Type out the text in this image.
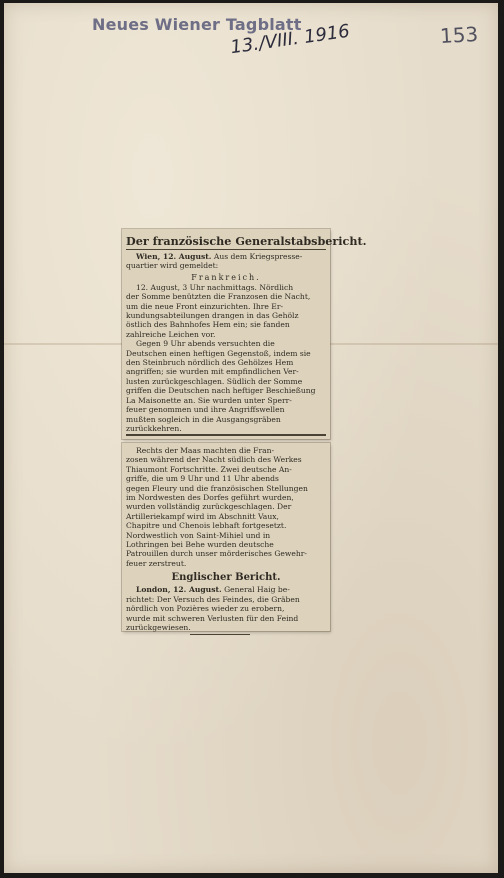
Neues Wiener Tagblatt
13./VIII. 1916	153
Der französische Generalstabsbericht.

Wien, 12. August. Aus dem Kriegspresse-
quartier wird gemeldet:

Frankreich.

12. August, 3 Uhr nachmittags. Nördlich
der Somme benützten die Franzosen die Nacht,
um die neue Front einzurichten. Ihre Er-
kundungsabteilungen drangen in das Gehölz
östlich des Bahnhofes Hem ein; sie fanden
zahlreiche Leichen vor.

Gegen 9 Uhr abends versuchten die
Deutschen einen heftigen Gegenstoß, indem sie
den Steinbruch nördlich des Gehölzes Hem
angriffen; sie wurden mit empfindlichen Ver-
lusten zurückgeschlagen. Südlich der Somme
griffen die Deutschen nach heftiger Beschießung
La Maisonette an. Sie wurden unter Sperr-
feuer genommen und ihre Angriffswellen
mußten sogleich in die Ausgangsgräben
zurückkehren.

Rechts der Maas machten die Fran-
zosen während der Nacht südlich des Werkes
Thiaumont Fortschritte. Zwei deutsche An-
griffe, die um 9 Uhr und 11 Uhr abends
gegen Fleury und die französischen Stellungen
im Nordwesten des Dorfes geführt wurden,
wurden vollständig zurückgeschlagen. Der
Artilleriekampf wird im Abschnitt Vaux,
Chapitre und Chenois lebhaft fortgesetzt.
Nordwestlich von Saint-Mihiel und in
Lothringen bei Behe wurden deutsche
Patrouillen durch unser mörderisches Gewehr-
feuer zerstreut.

Englischer Bericht.

London, 12. August. General Haig be-
richtet: Der Versuch des Feindes, die Gräben
nördlich von Pozières wieder zu erobern,
wurde mit schweren Verlusten für den Feind
zurückgewiesen.
